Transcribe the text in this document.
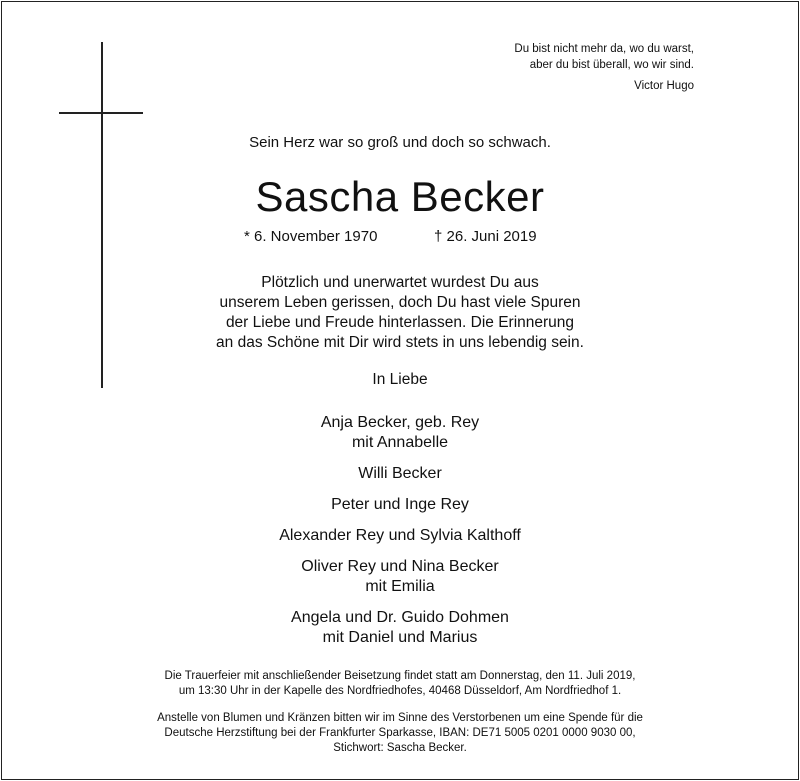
Du bist nicht mehr da, wo du warst,
aber du bist überall, wo wir sind.
Victor Hugo
Sein Herz war so groß und doch so schwach.
Sascha Becker
* 6. November 1970	† 26. Juni 2019
Plötzlich und unerwartet wurdest Du aus
unserem Leben gerissen, doch Du hast viele Spuren
der Liebe und Freude hinterlassen. Die Erinnerung
an das Schöne mit Dir wird stets in uns lebendig sein.
In Liebe
Anja Becker, geb. Rey
mit Annabelle
Willi Becker
Peter und Inge Rey
Alexander Rey und Sylvia Kalthoff
Oliver Rey und Nina Becker
mit Emilia
Angela und Dr. Guido Dohmen
mit Daniel und Marius
Die Trauerfeier mit anschließender Beisetzung findet statt am Donnerstag, den 11. Juli 2019,
um 13:30 Uhr in der Kapelle des Nordfriedhofes, 40468 Düsseldorf, Am Nordfriedhof 1.
Anstelle von Blumen und Kränzen bitten wir im Sinne des Verstorbenen um eine Spende für die
Deutsche Herzstiftung bei der Frankfurter Sparkasse, IBAN: DE71 5005 0201 0000 9030 00,
Stichwort: Sascha Becker.
